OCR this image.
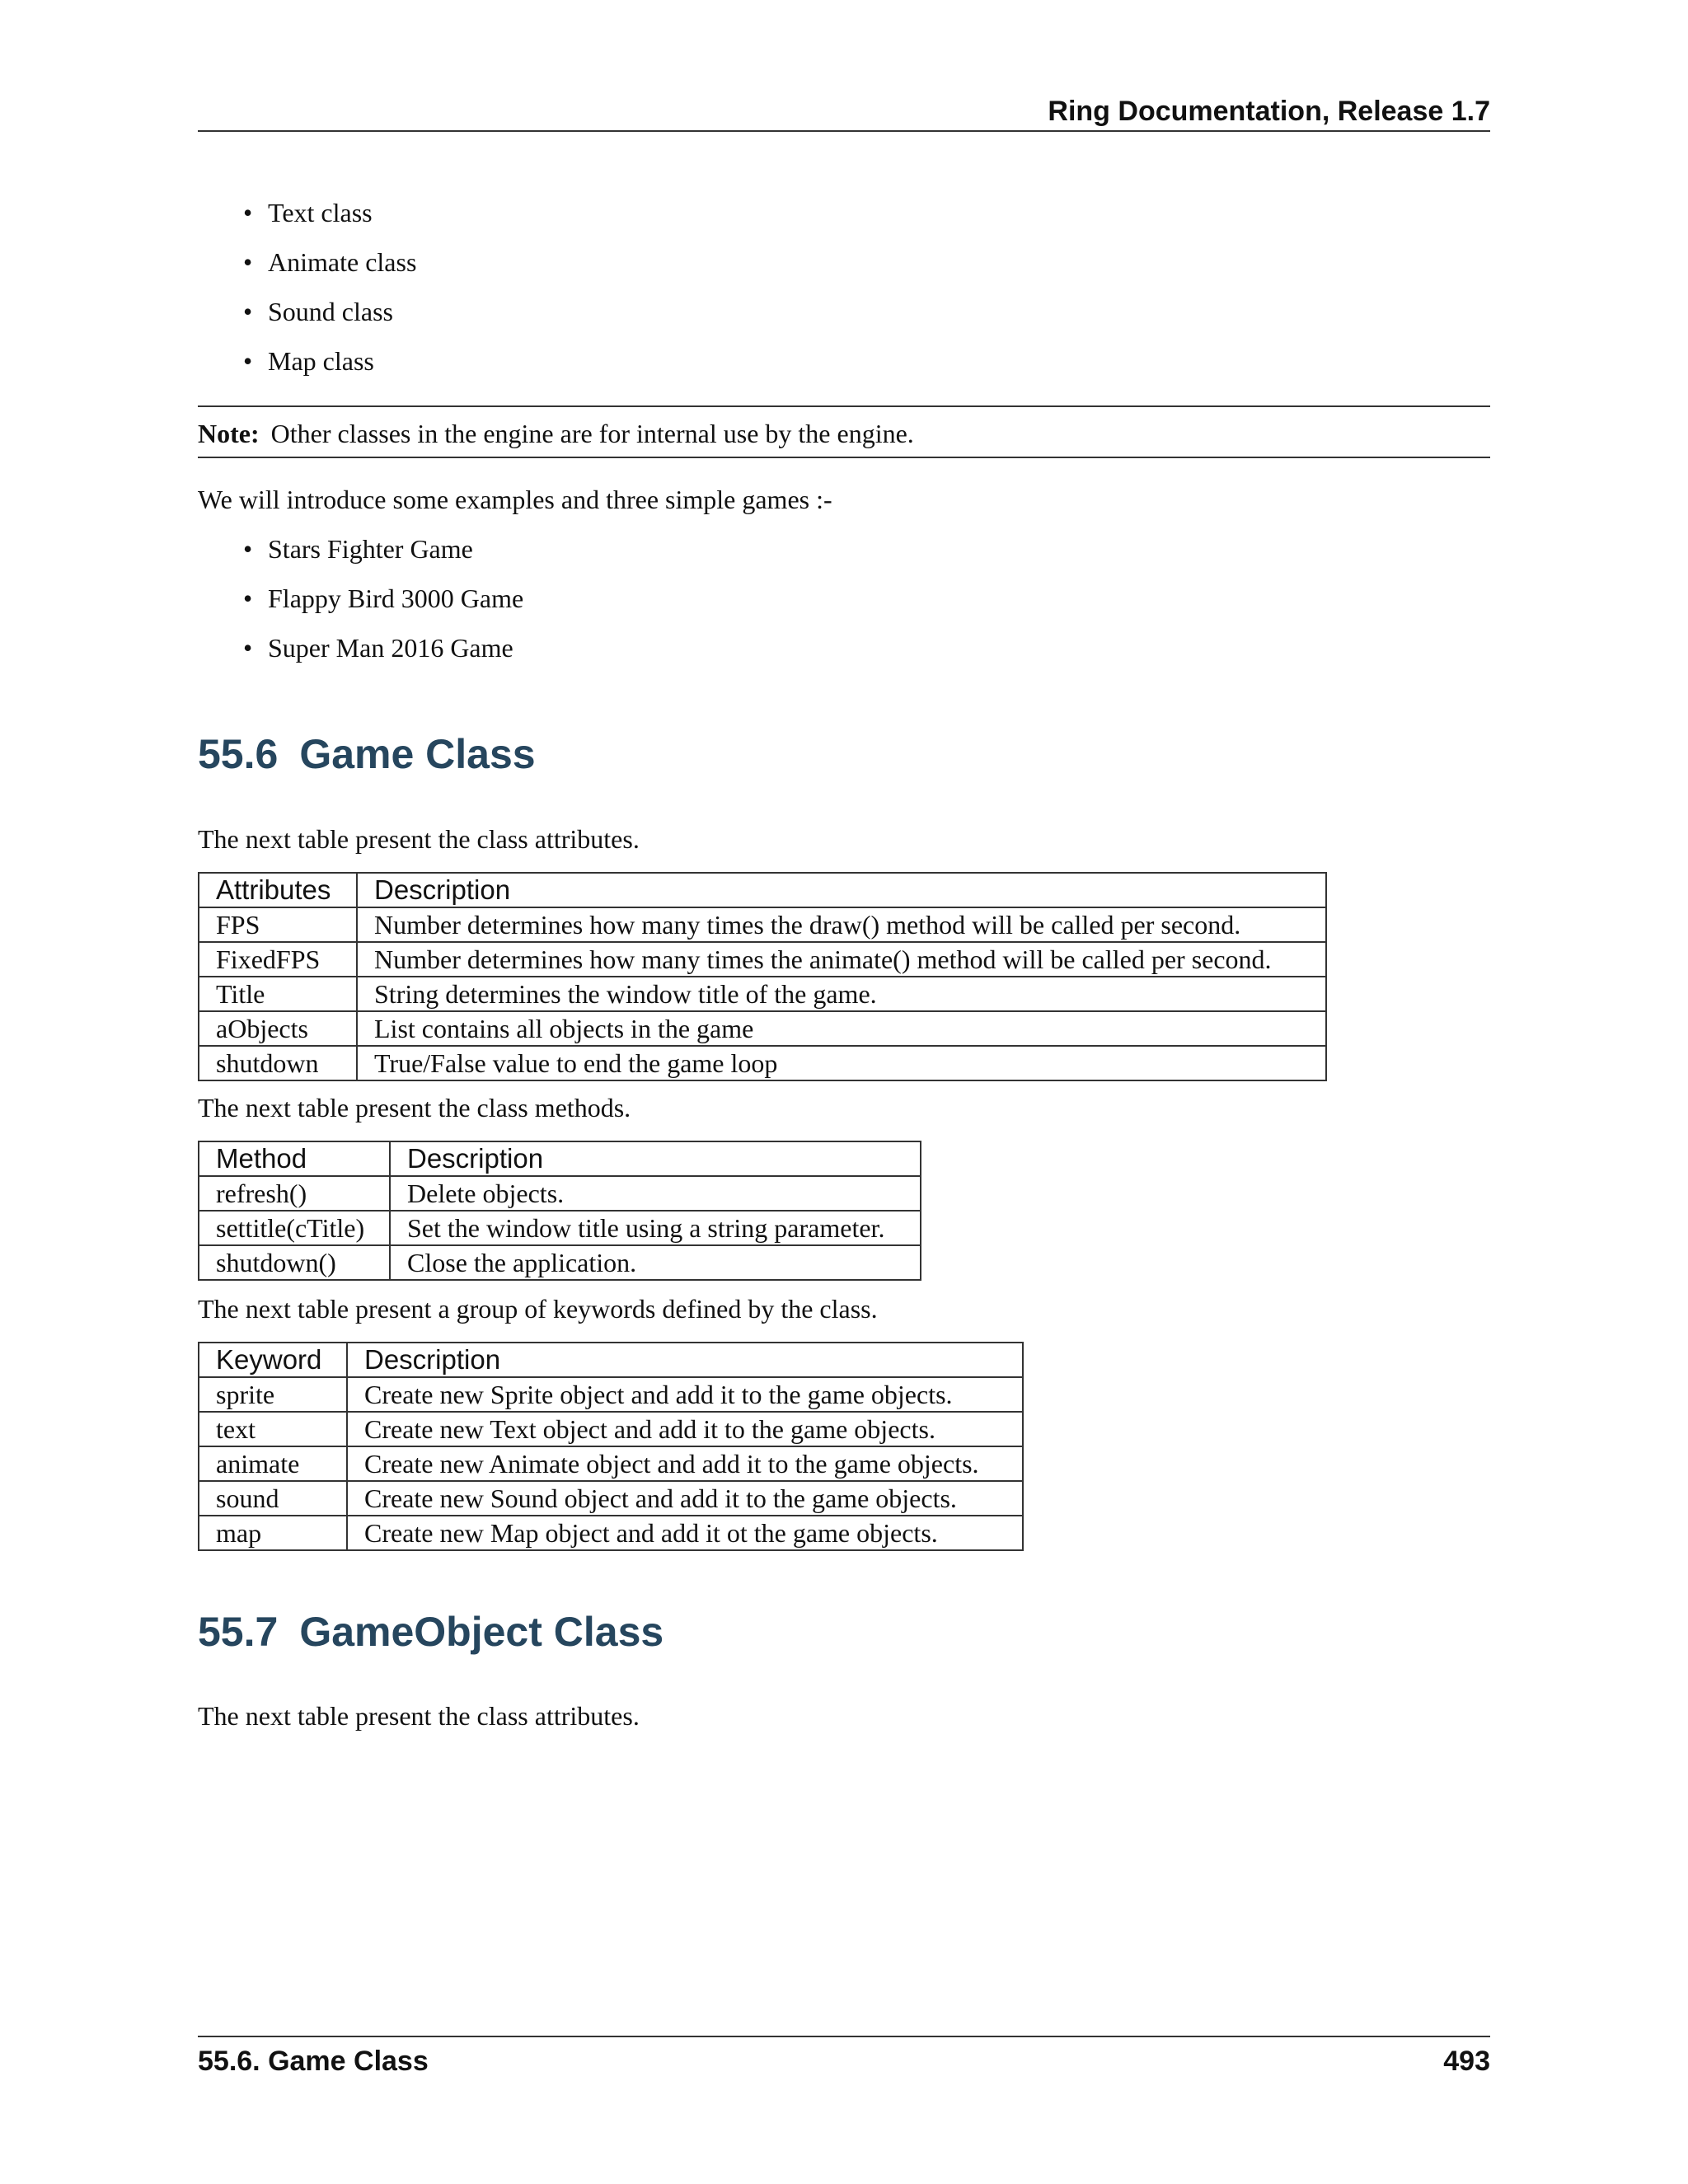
Ring Documentation, Release 1.7
• Text class
• Animate class
• Sound class
• Map class
Note: Other classes in the engine are for internal use by the engine.
We will introduce some examples and three simple games :-
• Stars Fighter Game
• Flappy Bird 3000 Game
• Super Man 2016 Game
55.6 Game Class
The next table present the class attributes.
Attributes	Description
FPS	Number determines how many times the draw() method will be called per second.
FixedFPS	Number determines how many times the animate() method will be called per second.
Title	String determines the window title of the game.
aObjects	List contains all objects in the game
shutdown	True/False value to end the game loop
The next table present the class methods.
Method	Description
refresh()	Delete objects.
settitle(cTitle)	Set the window title using a string parameter.
shutdown()	Close the application.
The next table present a group of keywords defined by the class.
Keyword	Description
sprite	Create new Sprite object and add it to the game objects.
text	Create new Text object and add it to the game objects.
animate	Create new Animate object and add it to the game objects.
sound	Create new Sound object and add it to the game objects.
map	Create new Map object and add it ot the game objects.
55.7 GameObject Class
The next table present the class attributes.
55.6. Game Class	493
